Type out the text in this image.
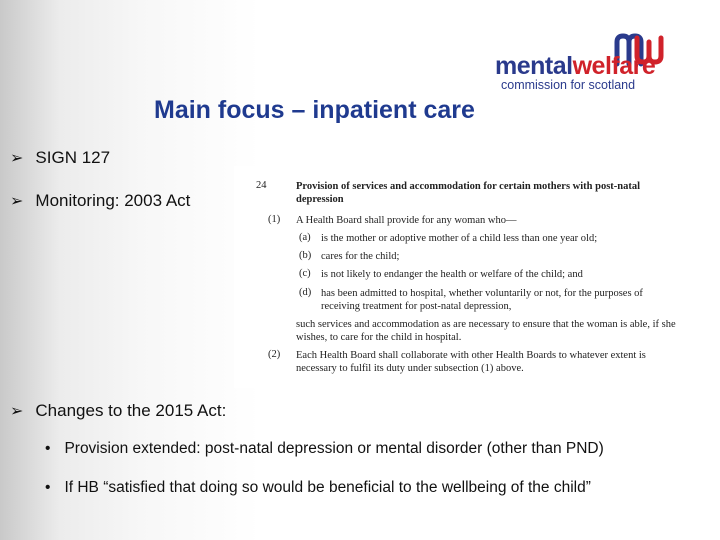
mentalwelfare
commission for scotland
Main focus – inpatient care
➢ SIGN 127
➢ Monitoring: 2003 Act
24	Provision of services and accommodation for certain mothers with post-natal depression
(1) A Health Board shall provide for any woman who—
(a) is the mother or adoptive mother of a child less than one year old;
(b) cares for the child;
(c) is not likely to endanger the health or welfare of the child; and
(d) has been admitted to hospital, whether voluntarily or not, for the purposes of receiving treatment for post-natal depression,
such services and accommodation as are necessary to ensure that the woman is able, if she wishes, to care for the child in hospital.
(2) Each Health Board shall collaborate with other Health Boards to whatever extent is necessary to fulfil its duty under subsection (1) above.
➢ Changes to the 2015 Act:
• Provision extended: post-natal depression or mental disorder (other than PND)
• If HB “satisfied that doing so would be beneficial to the wellbeing of the child”
